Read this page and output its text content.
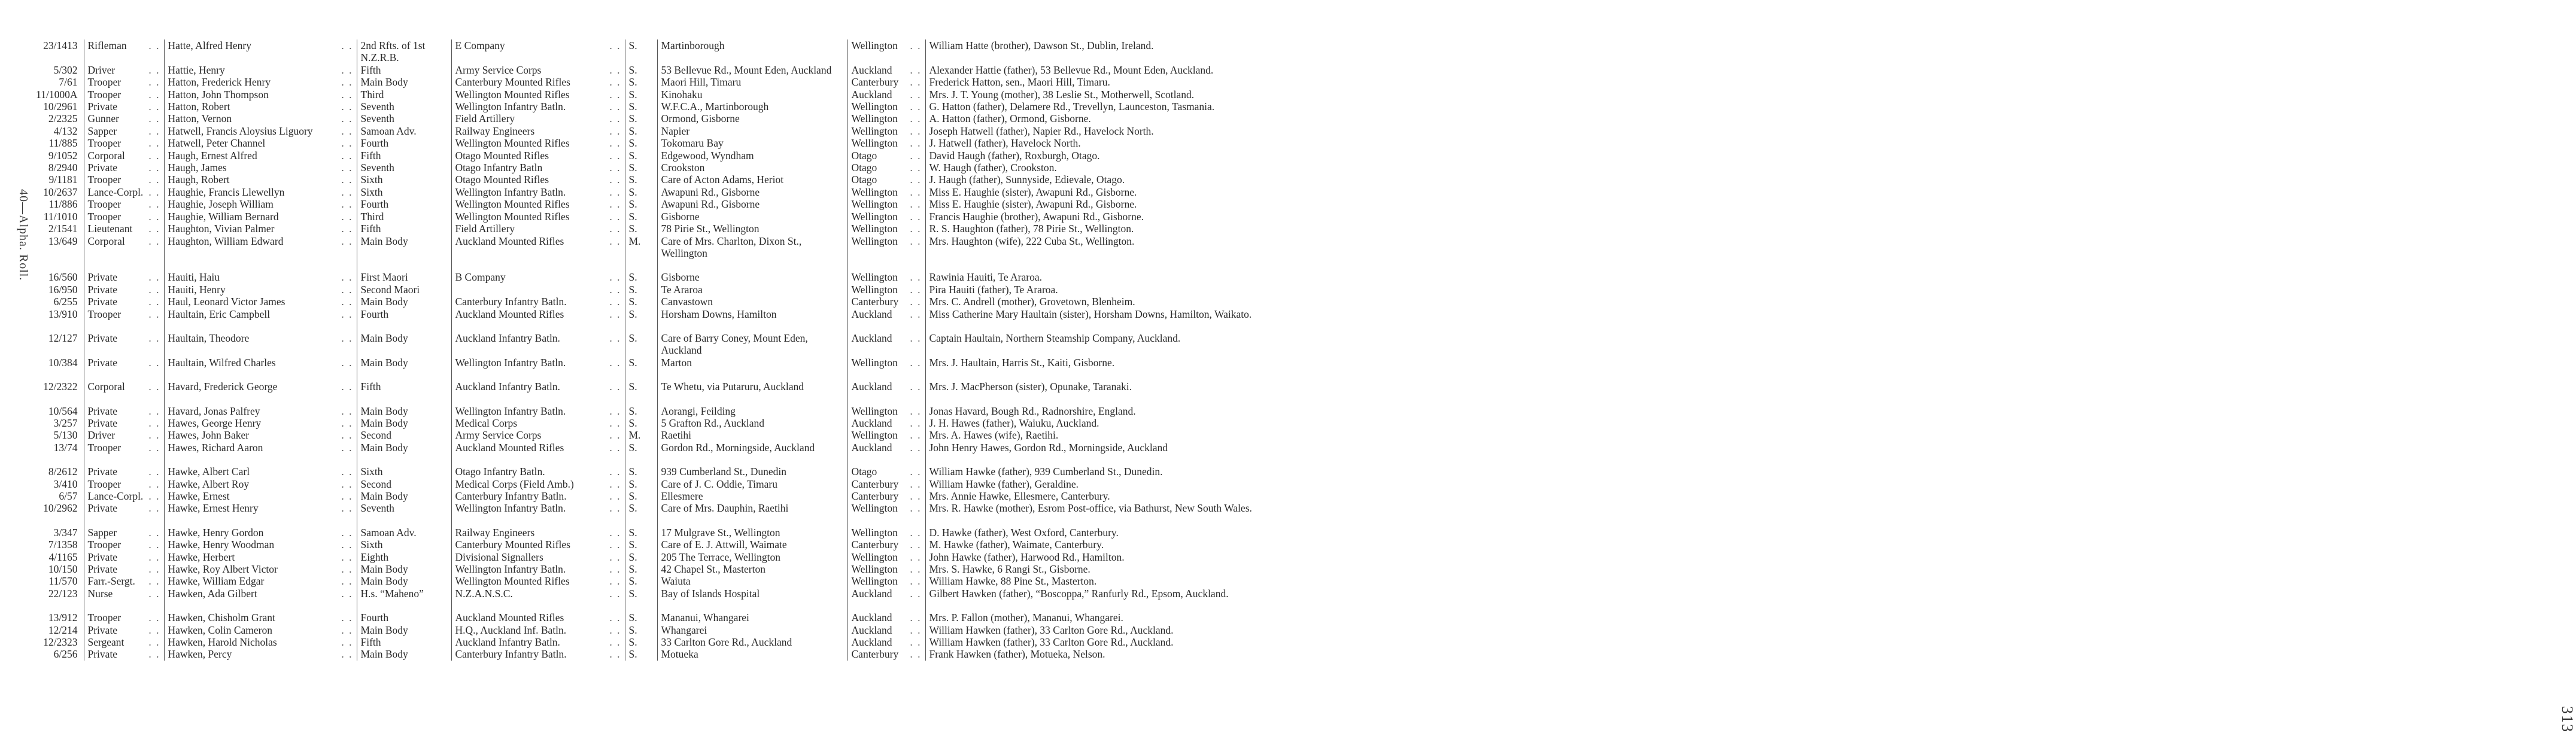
40—Alpha. Roll.
23/1413	Rifleman . .	Hatte, Alfred Henry . .	2nd Rfts. of 1st N.Z.R.B.	E Company . .	S.	Martinborough	Wellington . .	William Hatte (brother), Dawson St., Dublin, Ireland.
5/302	Driver . .	Hattie, Henry . .	Fifth	Army Service Corps . .	S.	53 Bellevue Rd., Mount Eden, Auckland	Auckland . .	Alexander Hattie (father), 53 Bellevue Rd., Mount Eden, Auckland.
7/61	Trooper . .	Hatton, Frederick Henry . .	Main Body	Canterbury Mounted Rifles . .	S.	Maori Hill, Timaru	Canterbury . .	Frederick Hatton, sen., Maori Hill, Timaru.
11/1000A	Trooper . .	Hatton, John Thompson . .	Third	Wellington Mounted Rifles . .	S.	Kinohaku	Auckland . .	Mrs. J. T. Young (mother), 38 Leslie St., Motherwell, Scotland.
10/2961	Private . .	Hatton, Robert . .	Seventh	Wellington Infantry Batln. . .	S.	W.F.C.A., Martinborough	Wellington . .	G. Hatton (father), Delamere Rd., Trevellyn, Launceston, Tasmania.
2/2325	Gunner . .	Hatton, Vernon . .	Seventh	Field Artillery . .	S.	Ormond, Gisborne	Wellington . .	A. Hatton (father), Ormond, Gisborne.
4/132	Sapper . .	Hatwell, Francis Aloysius Liguory . .	Samoan Adv.	Railway Engineers . .	S.	Napier	Wellington . .	Joseph Hatwell (father), Napier Rd., Havelock North.
11/885	Trooper . .	Hatwell, Peter Channel . .	Fourth	Wellington Mounted Rifles . .	S.	Tokomaru Bay	Wellington . .	J. Hatwell (father), Havelock North.
9/1052	Corporal . .	Haugh, Ernest Alfred . .	Fifth	Otago Mounted Rifles . .	S.	Edgewood, Wyndham	Otago . .	David Haugh (father), Roxburgh, Otago.
8/2940	Private . .	Haugh, James . .	Seventh	Otago Infantry Batln . .	S.	Crookston	Otago . .	W. Haugh (father), Crookston.
9/1181	Trooper . .	Haugh, Robert . .	Sixth	Otago Mounted Rifles . .	S.	Care of Acton Adams, Heriot	Otago . .	J. Haugh (father), Sunnyside, Edievale, Otago.
10/2637	Lance-Corpl. . .	Haughie, Francis Llewellyn . .	Sixth	Wellington Infantry Batln. . .	S.	Awapuni Rd., Gisborne	Wellington . .	Miss E. Haughie (sister), Awapuni Rd., Gisborne.
11/886	Trooper . .	Haughie, Joseph William . .	Fourth	Wellington Mounted Rifles . .	S.	Awapuni Rd., Gisborne	Wellington . .	Miss E. Haughie (sister), Awapuni Rd., Gisborne.
11/1010	Trooper . .	Haughie, William Bernard . .	Third	Wellington Mounted Rifles . .	S.	Gisborne	Wellington . .	Francis Haughie (brother), Awapuni Rd., Gisborne.
2/1541	Lieutenant . .	Haughton, Vivian Palmer . .	Fifth	Field Artillery . .	S.	78 Pirie St., Wellington	Wellington . .	R. S. Haughton (father), 78 Pirie St., Wellington.
13/649	Corporal . .	Haughton, William Edward . .	Main Body	Auckland Mounted Rifles . .	M.	Care of Mrs. Charlton, Dixon St., Wellington	Wellington . .	Mrs. Haughton (wife), 222 Cuba St., Wellington.
16/560	Private . .	Hauiti, Haiu . .	First Maori	B Company . .	S.	Gisborne	Wellington . .	Rawinia Hauiti, Te Araroa.
16/950	Private . .	Hauiti, Henry . .	Second Maori	. .	S.	Te Araroa	Wellington . .	Pira Hauiti (father), Te Araroa.
6/255	Private . .	Haul, Leonard Victor James . .	Main Body	Canterbury Infantry Batln. . .	S.	Canvastown	Canterbury . .	Mrs. C. Andrell (mother), Grovetown, Blenheim.
13/910	Trooper . .	Haultain, Eric Campbell . .	Fourth	Auckland Mounted Rifles . .	S.	Horsham Downs, Hamilton	Auckland . .	Miss Catherine Mary Haultain (sister), Horsham Downs, Hamilton, Waikato.
12/127	Private . .	Haultain, Theodore . .	Main Body	Auckland Infantry Batln. . .	S.	Care of Barry Coney, Mount Eden, Auckland	Auckland . .	Captain Haultain, Northern Steamship Company, Auckland.
10/384	Private . .	Haultain, Wilfred Charles . .	Main Body	Wellington Infantry Batln. . .	S.	Marton	Wellington . .	Mrs. J. Haultain, Harris St., Kaiti, Gisborne.
12/2322	Corporal . .	Havard, Frederick George . .	Fifth	Auckland Infantry Batln. . .	S.	Te Whetu, via Putaruru, Auckland	Auckland . .	Mrs. J. MacPherson (sister), Opunake, Taranaki.
10/564	Private . .	Havard, Jonas Palfrey . .	Main Body	Wellington Infantry Batln. . .	S.	Aorangi, Feilding	Wellington . .	Jonas Havard, Bough Rd., Radnorshire, England.
3/257	Private . .	Hawes, George Henry . .	Main Body	Medical Corps . .	S.	5 Grafton Rd., Auckland	Auckland . .	J. H. Hawes (father), Waiuku, Auckland.
5/130	Driver . .	Hawes, John Baker . .	Second	Army Service Corps . .	M.	Raetihi	Wellington . .	Mrs. A. Hawes (wife), Raetihi.
13/74	Trooper . .	Hawes, Richard Aaron . .	Main Body	Auckland Mounted Rifles . .	S.	Gordon Rd., Morningside, Auckland	Auckland . .	John Henry Hawes, Gordon Rd., Morningside, Auckland
8/2612	Private . .	Hawke, Albert Carl . .	Sixth	Otago Infantry Batln. . .	S.	939 Cumberland St., Dunedin	Otago . .	William Hawke (father), 939 Cumberland St., Dunedin.
3/410	Trooper . .	Hawke, Albert Roy . .	Second	Medical Corps (Field Amb.) . .	S.	Care of J. C. Oddie, Timaru	Canterbury . .	William Hawke (father), Geraldine.
6/57	Lance-Corpl. . .	Hawke, Ernest . .	Main Body	Canterbury Infantry Batln. . .	S.	Ellesmere	Canterbury . .	Mrs. Annie Hawke, Ellesmere, Canterbury.
10/2962	Private . .	Hawke, Ernest Henry . .	Seventh	Wellington Infantry Batln. . .	S.	Care of Mrs. Dauphin, Raetihi	Wellington . .	Mrs. R. Hawke (mother), Esrom Post-office, via Bathurst, New South Wales.
3/347	Sapper . .	Hawke, Henry Gordon . .	Samoan Adv.	Railway Engineers . .	S.	17 Mulgrave St., Wellington	Wellington . .	D. Hawke (father), West Oxford, Canterbury.
7/1358	Trooper . .	Hawke, Henry Woodman . .	Sixth	Canterbury Mounted Rifles . .	S.	Care of E. J. Attwill, Waimate	Canterbury . .	M. Hawke (father), Waimate, Canterbury.
4/1165	Private . .	Hawke, Herbert . .	Eighth	Divisional Signallers . .	S.	205 The Terrace, Wellington	Wellington . .	John Hawke (father), Harwood Rd., Hamilton.
10/150	Private . .	Hawke, Roy Albert Victor . .	Main Body	Wellington Infantry Batln. . .	S.	42 Chapel St., Masterton	Wellington . .	Mrs. S. Hawke, 6 Rangi St., Gisborne.
11/570	Farr.-Sergt. . .	Hawke, William Edgar . .	Main Body	Wellington Mounted Rifles . .	S.	Waiuta	Wellington . .	William Hawke, 88 Pine St., Masterton.
22/123	Nurse . .	Hawken, Ada Gilbert . .	H.s. “Maheno”	N.Z.A.N.S.C. . .	S.	Bay of Islands Hospital	Auckland . .	Gilbert Hawken (father), “Boscoppa,” Ranfurly Rd., Epsom, Auckland.
13/912	Trooper . .	Hawken, Chisholm Grant . .	Fourth	Auckland Mounted Rifles . .	S.	Mananui, Whangarei	Auckland . .	Mrs. P. Fallon (mother), Mananui, Whangarei.
12/214	Private . .	Hawken, Colin Cameron . .	Main Body	H.Q., Auckland Inf. Batln. . .	S.	Whangarei	Auckland . .	William Hawken (father), 33 Carlton Gore Rd., Auckland.
12/2323	Sergeant . .	Hawken, Harold Nicholas . .	Fifth	Auckland Infantry Batln. . .	S.	33 Carlton Gore Rd., Auckland	Auckland . .	William Hawken (father), 33 Carlton Gore Rd., Auckland.
6/256	Private . .	Hawken, Percy . .	Main Body	Canterbury Infantry Batln. . .	S.	Motueka	Canterbury . .	Frank Hawken (father), Motueka, Nelson.
313
